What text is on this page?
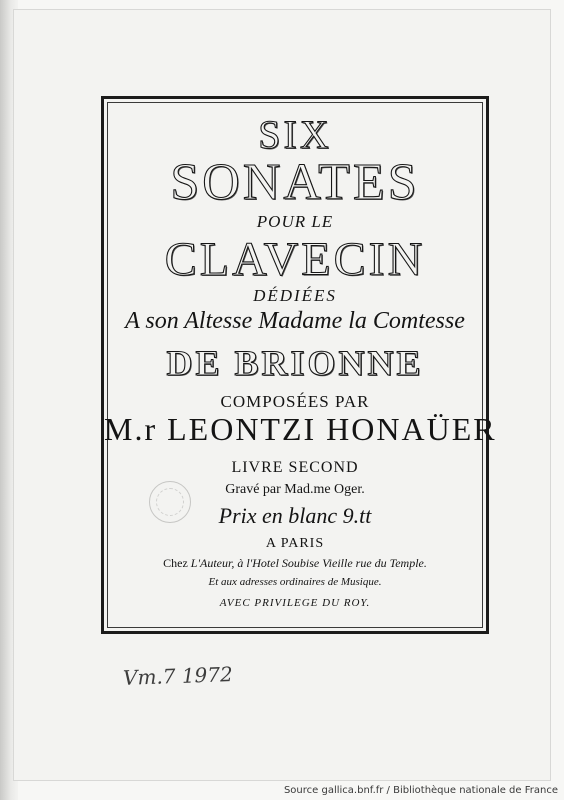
SIX
SONATES
POUR LE
CLAVECIN
DÉDIÉES
A son Altesse Madame la Comtesse
DE BRIONNE
COMPOSÉES PAR
M.r LEONTZI HONAÜER
LIVRE SECOND
Gravé par Mad.me Oger.
Prix en blanc 9.tt
A PARIS
Chez L'Auteur, à l'Hotel Soubise Vieille rue du Temple.
Et aux adresses ordinaires de Musique.
AVEC PRIVILEGE DU ROY.
Vm.7 1972
Source gallica.bnf.fr / Bibliothèque nationale de France
